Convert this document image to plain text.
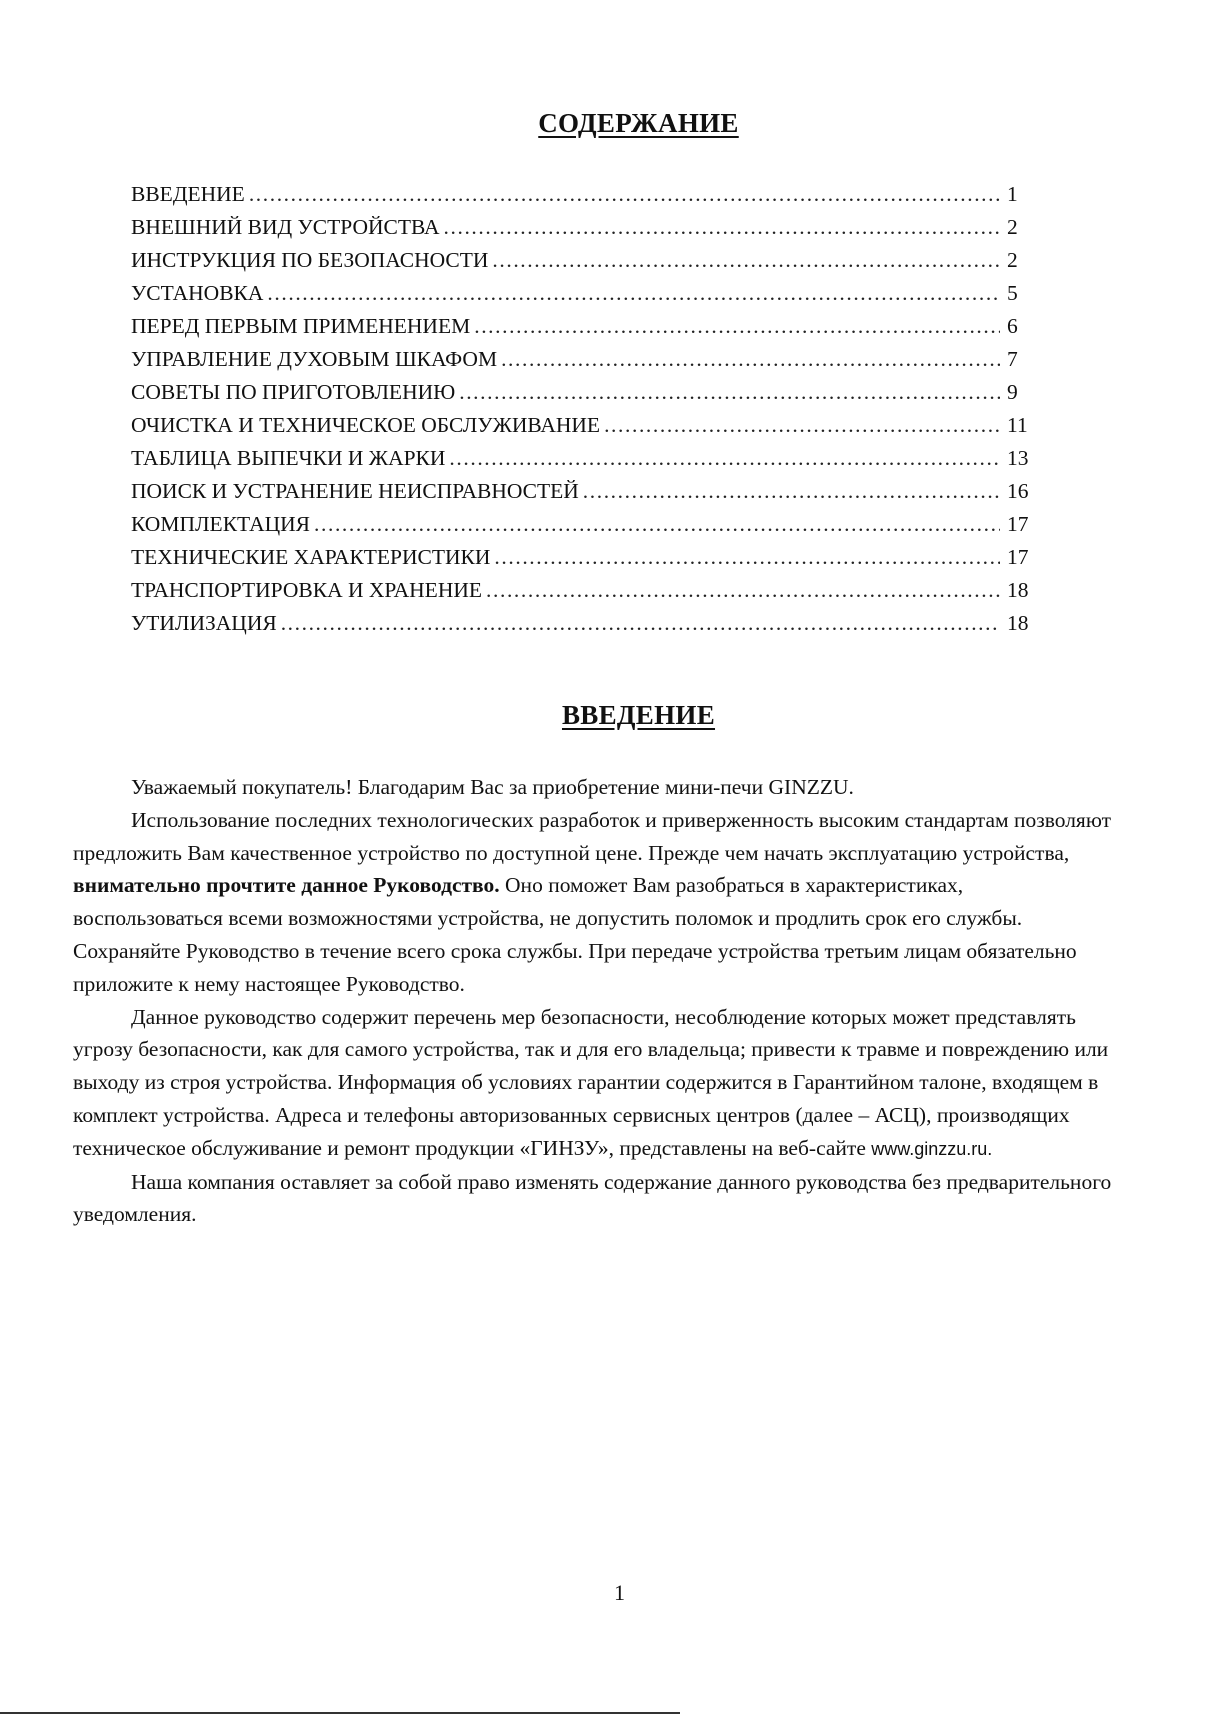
СОДЕРЖАНИЕ
ВВЕДЕНИЕ .....	1
ВНЕШНИЙ ВИД УСТРОЙСТВА .....	2
ИНСТРУКЦИЯ ПО БЕЗОПАСНОСТИ .....	2
УСТАНОВКА .....	5
ПЕРЕД ПЕРВЫМ ПРИМЕНЕНИЕМ .....	6
УПРАВЛЕНИЕ ДУХОВЫМ ШКАФОМ .....	7
СОВЕТЫ ПО ПРИГОТОВЛЕНИЮ .....	9
ОЧИСТКА И ТЕХНИЧЕСКОЕ ОБСЛУЖИВАНИЕ .....	11
ТАБЛИЦА ВЫПЕЧКИ И ЖАРКИ .....	13
ПОИСК И УСТРАНЕНИЕ НЕИСПРАВНОСТЕЙ .....	16
КОМПЛЕКТАЦИЯ .....	17
ТЕХНИЧЕСКИЕ ХАРАКТЕРИСТИКИ .....	17
ТРАНСПОРТИРОВКА И ХРАНЕНИЕ .....	18
УТИЛИЗАЦИЯ .....	18
ВВЕДЕНИЕ

Уважаемый покупатель! Благодарим Вас за приобретение мини-печи GINZZU.

Использование последних технологических разработок и приверженность высоким стандартам позволяют предложить Вам качественное устройство по доступной цене. Прежде чем начать эксплуатацию устройства, внимательно прочтите данное Руководство. Оно поможет Вам разобраться в характеристиках, воспользоваться всеми возможностями устройства, не допустить поломок и продлить срок его службы. Сохраняйте Руководство в течение всего срока службы. При передаче устройства третьим лицам обязательно приложите к нему настоящее Руководство.

Данное руководство содержит перечень мер безопасности, несоблюдение которых может представлять угрозу безопасности, как для самого устройства, так и для его владельца; привести к травме и повреждению или выходу из строя устройства. Информация об условиях гарантии содержится в Гарантийном талоне, входящем в комплект устройства. Адреса и телефоны авторизованных сервисных центров (далее – АСЦ), производящих техническое обслуживание и ремонт продукции «ГИНЗУ», представлены на веб-сайте www.ginzzu.ru.

Наша компания оставляет за собой право изменять содержание данного руководства без предварительного уведомления.

1
